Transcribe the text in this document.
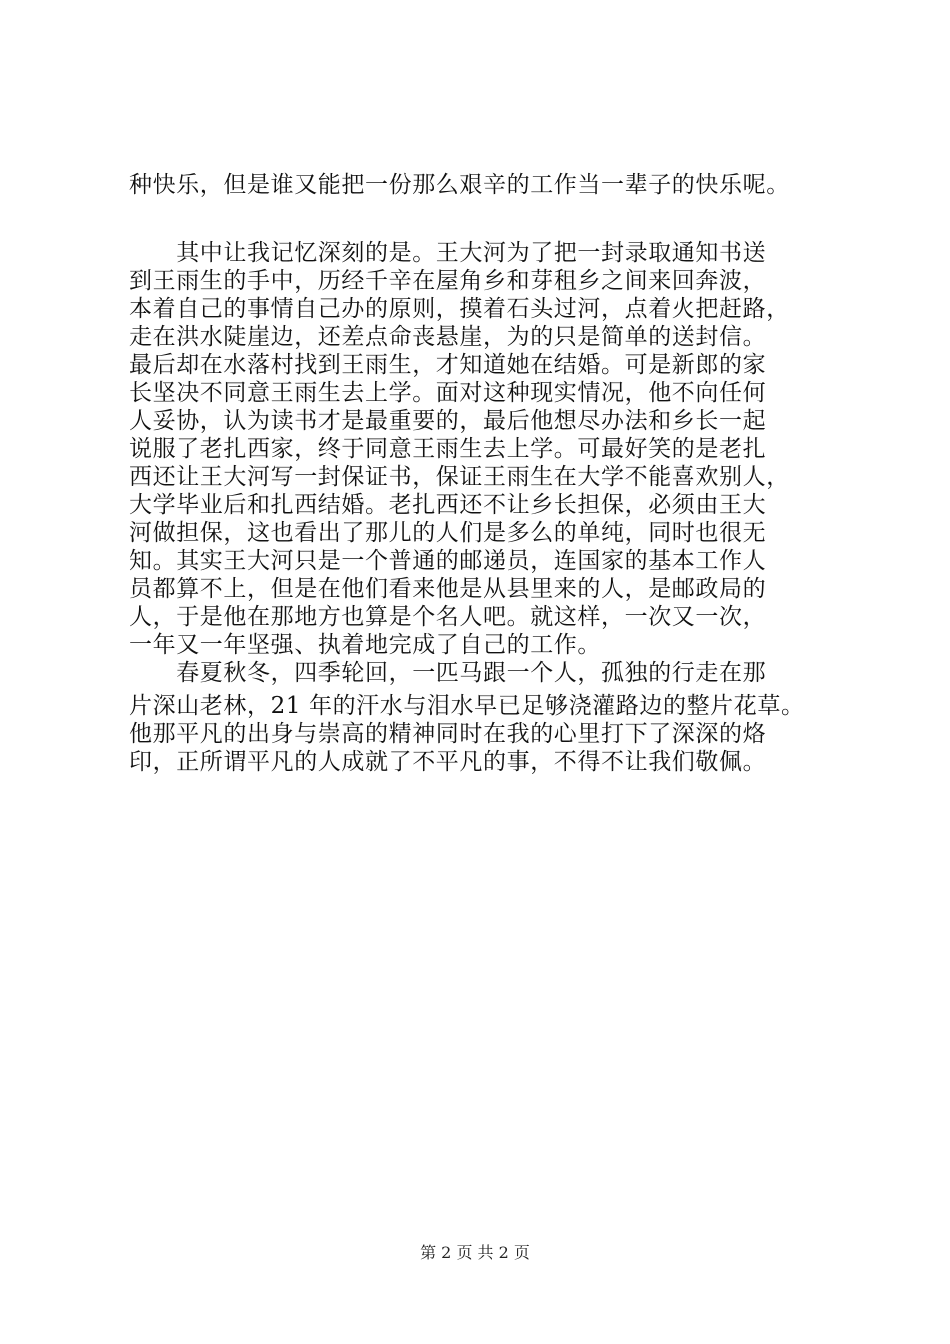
种快乐，但是谁又能把一份那么艰辛的工作当一辈子的快乐呢。
　　其中让我记忆深刻的是。王大河为了把一封录取通知书送
到王雨生的手中，历经千辛在屋角乡和芽租乡之间来回奔波，
本着自己的事情自己办的原则，摸着石头过河，点着火把赶路，
走在洪水陡崖边，还差点命丧悬崖，为的只是简单的送封信。
最后却在水落村找到王雨生，才知道她在结婚。可是新郎的家
长坚决不同意王雨生去上学。面对这种现实情况，他不向任何
人妥协，认为读书才是最重要的，最后他想尽办法和乡长一起
说服了老扎西家，终于同意王雨生去上学。可最好笑的是老扎
西还让王大河写一封保证书，保证王雨生在大学不能喜欢别人，
大学毕业后和扎西结婚。老扎西还不让乡长担保，必须由王大
河做担保，这也看出了那儿的人们是多么的单纯，同时也很无
知。其实王大河只是一个普通的邮递员，连国家的基本工作人
员都算不上，但是在他们看来他是从县里来的人，是邮政局的
人，于是他在那地方也算是个名人吧。就这样，一次又一次，
一年又一年坚强、执着地完成了自己的工作。
　　春夏秋冬，四季轮回，一匹马跟一个人，孤独的行走在那
片深山老林，21 年的汗水与泪水早已足够浇灌路边的整片花草。
他那平凡的出身与崇高的精神同时在我的心里打下了深深的烙
印，正所谓平凡的人成就了不平凡的事，不得不让我们敬佩。
第 2 页 共 2 页
